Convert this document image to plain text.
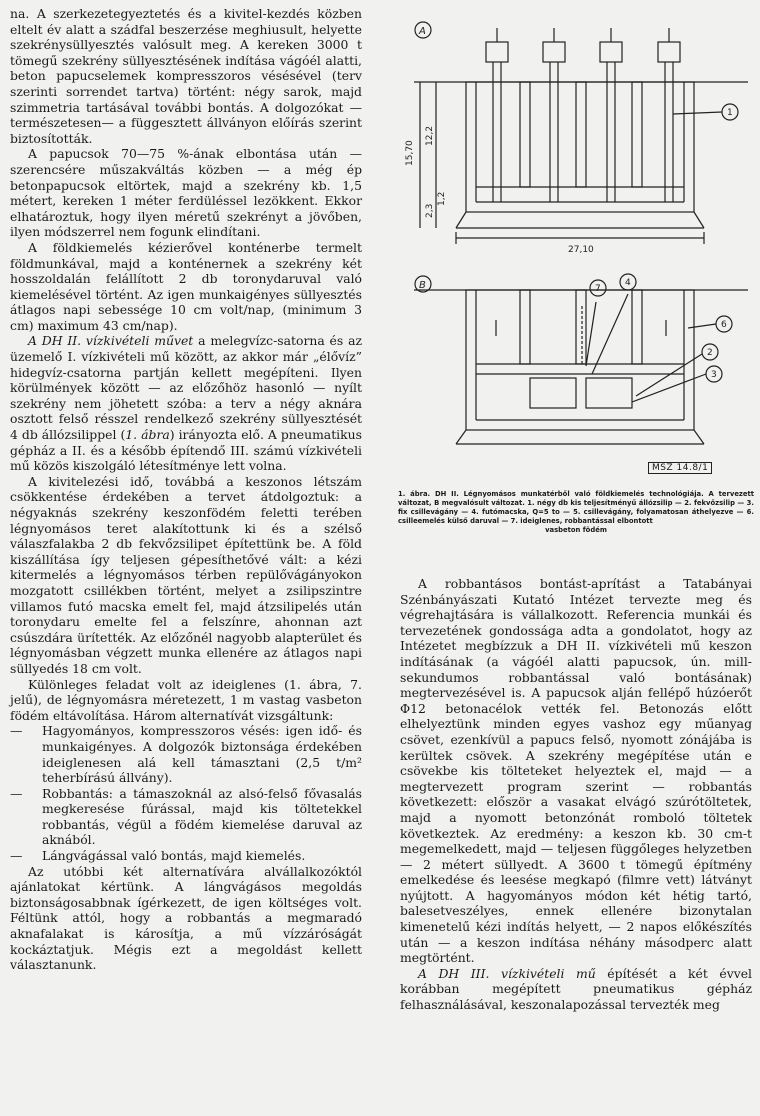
na. A szerkezetegyeztetés és a kivitel-kezdés közben eltelt év alatt a szádfal beszerzése meghiusult, helyette szekrénysüllyesztés valósult meg. A kereken 3000 t tömegű szekrény süllyesztésének indítása vágóél alatti, beton papucselemek kompresszoros vésésével (terv szerinti sorrendet tartva) történt: négy sarok, majd szimmetria tartásával további bontás. A dolgozókat — természetesen— a függesztett állványon előírás szerint biztosították.

A papucsok 70—75 %-ának elbontása után — szerencsére műszakváltás közben — a még ép betonpapucsok eltörtek, majd a szekrény kb. 1,5 métert, kereken 1 méter ferdüléssel lezökkent. Ekkor elhatároztuk, hogy ilyen méretű szekrényt a jövőben, ilyen módszerrel nem fogunk elindítani.

A földkiemelés kézierővel konténerbe termelt földmunkával, majd a konténernek a szekrény két hosszoldalán felállított 2 db toronydaruval való kiemelésével történt. Az igen munkaigényes süllyesztés átlagos napi sebessége 10 cm volt/nap, (minimum 3 cm) maximum 43 cm/nap).

A DH II. vízkivételi művet a melegvízc-satorna és az üzemelő I. vízkivételi mű között, az akkor már „élővíz” hidegvíz-csatorna partján kellett megépíteni. Ilyen körülmények között — az előzőhöz hasonló — nyílt szekrény nem jöhetett szóba: a terv a négy aknára osztott felső résszel rendelkező szekrény süllyesztését 4 db állózsilippel (1. ábra) irányozta elő. A pneumatikus gépház a II. és a később építendő III. számú vízkivételi mű közös kiszolgáló létesítménye lett volna.

A kivitelezési idő, továbbá a keszonos létszám csökkentése érdekében a tervet átdolgoztuk: a négyaknás szekrény keszonfödém feletti terében légnyomásos teret alakítottunk ki és a szélső válaszfalakba 2 db fekvőzsilipet építettünk be. A föld kiszállítása így teljesen gépesíthetővé vált: a kézi kitermelés a légnyomásos térben repülővágányokon mozgatott csillékben történt, melyet a zsilipszintre villamos futó macska emelt fel, majd átzsilipelés után toronydaru emelte fel a felszínre, ahonnan azt csúszdára ürítették. Az előzőnél nagyobb alapterület és légnyomásban végzett munka ellenére az átlagos napi süllyedés 18 cm volt.

Különleges feladat volt az ideiglenes (1. ábra, 7. jelű), de légnyomásra méretezett, 1 m vastag vasbeton födém eltávolítása. Három alternatívát vizsgáltunk:

— Hagyományos, kompresszoros vésés: igen idő- és munkaigényes. A dolgozók biztonsága érdekében ideiglenesen alá kell támasztani (2,5 t/m² teherbírású állvány).
— Robbantás: a támaszoknál az alsó-felső fővasalás megkeresése fúrással, majd kis töltetekkel robbantás, végül a födém kiemelése daruval az aknából.
— Lángvágással való bontás, majd kiemelés.

Az utóbbi két alternatívára alvállalkozóktól ajánlatokat kértünk. A lángvágásos megoldás biztonságosabbnak ígérkezett, de igen költséges volt. Féltünk attól, hogy a robbantás a megmaradó aknafalakat is károsítja, a mű vízzáróságát kockáztatjuk. Mégis ezt a megoldást kellett választanunk.

A
B
15,70
12,2
2,3
1,2
27,10
1
7
4
6
2
3
MSZ 14.8/1
1. ábra. DH II. Légnyomásos munkatérből való földkiemelés technológiája. A tervezett változat, B megvalósult változat. 1. négy db kis teljesítményű állózsilip — 2. fekvőzsilip — 3. fix csillevágány — 4. futómacska, Q=5 to — 5. csillevágány, folyamatosan áthelyezve — 6. csilleemelés külső daruval — 7. ideiglenes, robbantással elbontott
vasbeton födém

A robbantásos bontást-aprítást a Tatabányai Szénbányászati Kutató Intézet tervezte meg és végrehajtására is vállalkozott. Referencia munkái és tervezetének gondossága adta a gondolatot, hogy az Intézetet megbízzuk a DH II. vízkivételi mű keszon indításának (a vágóél alatti papucsok, ún. mill-sekundumos robbantással való bontásának) megtervezésével is. A papucsok alján fellépő húzóerőt Φ12 betonacélok vették fel. Betonozás előtt elhelyeztünk minden egyes vashoz egy műanyag csövet, ezenkívül a papucs felső, nyomott zónájába is kerültek csövek. A szekrény megépítése után e csövekbe kis tölteteket helyeztek el, majd — a megtervezett program szerint — robbantás következett: először a vasakat elvágó szúrótöltetek, majd a nyomott betonzónát romboló töltetek következtek. Az eredmény: a keszon kb. 30 cm-t megemelkedett, majd — teljesen függőleges helyzetben — 2 métert süllyedt. A 3600 t tömegű építmény emelkedése és leesése megkapó (filmre vett) látványt nyújtott. A hagyományos módon két hétig tartó, balesetveszélyes, ennek ellenére bizonytalan kimenetelű kézi indítás helyett, — 2 napos előkészítés után — a keszon indítása néhány másodperc alatt megtörtént.

A DH III. vízkivételi mű építését a két évvel korábban megépített pneumatikus gépház felhasználásával, keszonalapozással tervezték meg
